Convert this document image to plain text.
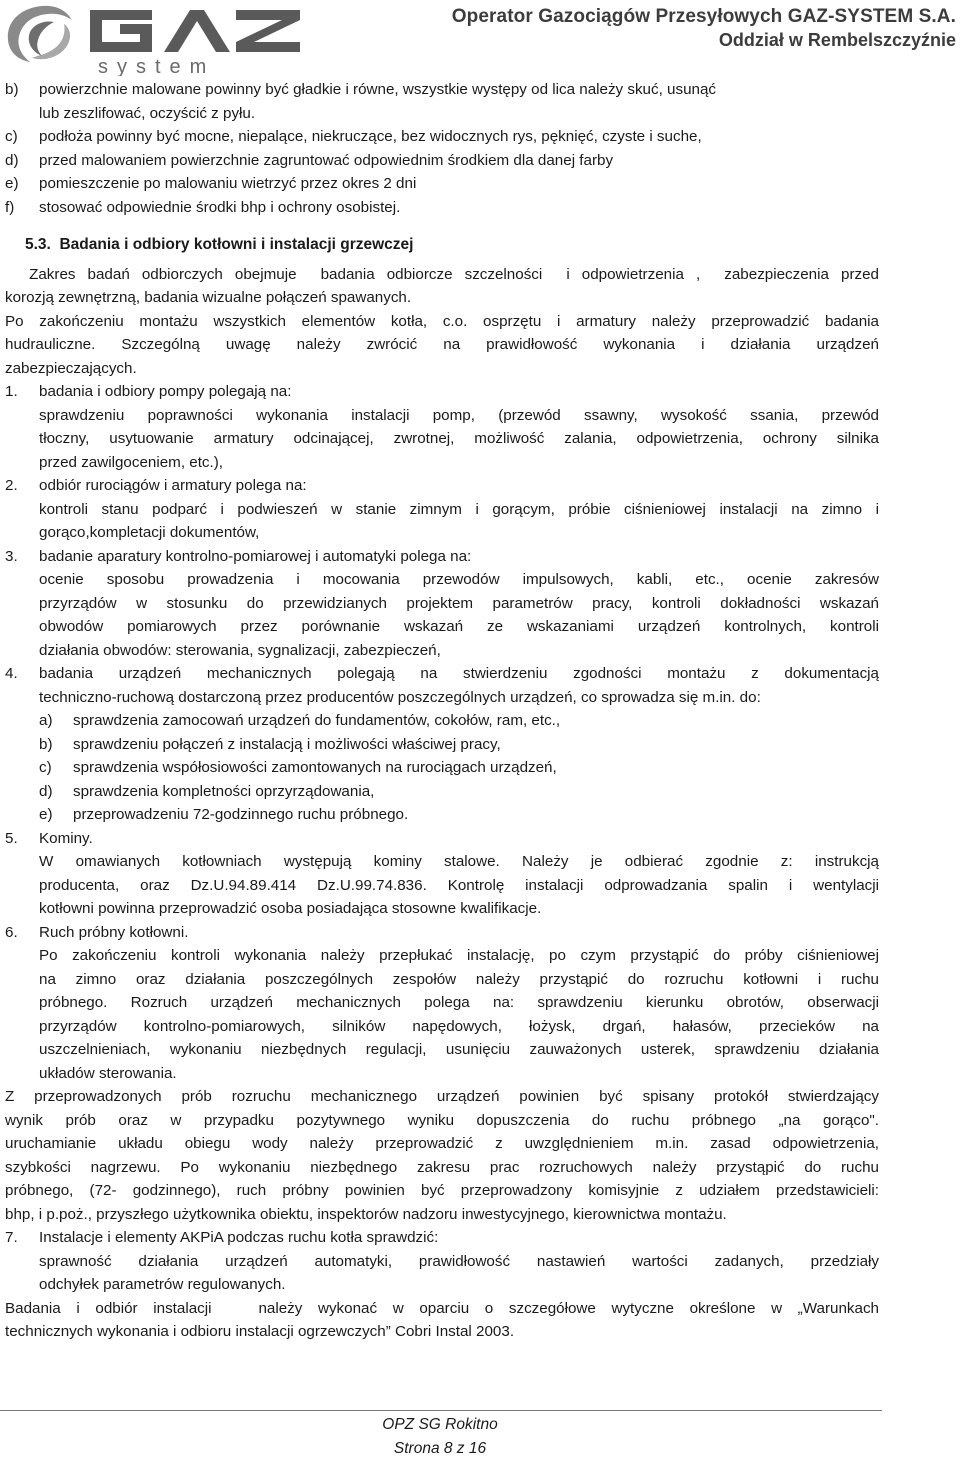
system
Operator Gazociągów Przesyłowych GAZ-SYSTEM S.A.
Oddział w Rembelszczyźnie
b) powierzchnie malowane powinny być gładkie i równe, wszystkie występy od lica należy skuć, usunąć
lub zeszlifować, oczyścić z pyłu.
c) podłoża powinny być mocne, niepalące, niekruczące, bez widocznych rys, pęknięć, czyste i suche,
d) przed malowaniem powierzchnie zagruntować odpowiednim środkiem dla danej farby
e) pomieszczenie po malowaniu wietrzyć przez okres 2 dni
f) stosować odpowiednie środki bhp i ochrony osobistej.
5.3. Badania i odbiory kotłowni i instalacji grzewczej
Zakres badań odbiorczych obejmuje  badania odbiorcze szczelności  i odpowietrzenia ,  zabezpieczenia przed
korozją zewnętrzną, badania wizualne połączeń spawanych.
Po zakończeniu montażu wszystkich elementów kotła, c.o. osprzętu i armatury należy przeprowadzić badania
hudrauliczne. Szczególną uwagę należy zwrócić na prawidłowość wykonania i działania urządzeń
zabezpieczających.
1. badania i odbiory pompy polegają na:
sprawdzeniu poprawności wykonania instalacji pomp, (przewód ssawny, wysokość ssania, przewód
tłoczny, usytuowanie armatury odcinającej, zwrotnej, możliwość zalania, odpowietrzenia, ochrony silnika
przed zawilgoceniem, etc.),
2. odbiór rurociągów i armatury polega na:
kontroli stanu podparć i podwieszeń w stanie zimnym i gorącym, próbie ciśnieniowej instalacji na zimno i
gorąco,kompletacji dokumentów,
3. badanie aparatury kontrolno-pomiarowej i automatyki polega na:
ocenie sposobu prowadzenia i mocowania przewodów impulsowych, kabli, etc., ocenie zakresów
przyrządów w stosunku do przewidzianych projektem parametrów pracy, kontroli dokładności wskazań
obwodów pomiarowych przez porównanie wskazań ze wskazaniami urządzeń kontrolnych, kontroli
działania obwodów: sterowania, sygnalizacji, zabezpieczeń,
4. badania urządzeń mechanicznych polegają na stwierdzeniu zgodności montażu z dokumentacją
techniczno-ruchową dostarczoną przez producentów poszczególnych urządzeń, co sprowadza się m.in. do:
a) sprawdzenia zamocowań urządzeń do fundamentów, cokołów, ram, etc.,
b) sprawdzeniu połączeń z instalacją i możliwości właściwej pracy,
c) sprawdzenia współosiowości zamontowanych na rurociągach urządzeń,
d) sprawdzenia kompletności oprzyrządowania,
e) przeprowadzeniu 72-godzinnego ruchu próbnego.
5. Kominy.
W omawianych kotłowniach występują kominy stalowe. Należy je odbierać zgodnie z: instrukcją
producenta, oraz Dz.U.94.89.414 Dz.U.99.74.836. Kontrolę instalacji odprowadzania spalin i wentylacji
kotłowni powinna przeprowadzić osoba posiadająca stosowne kwalifikacje.
6. Ruch próbny kotłowni.
Po zakończeniu kontroli wykonania należy przepłukać instalację, po czym przystąpić do próby ciśnieniowej
na zimno oraz działania poszczególnych zespołów należy przystąpić do rozruchu kotłowni i ruchu
próbnego. Rozruch urządzeń mechanicznych polega na: sprawdzeniu kierunku obrotów, obserwacji
przyrządów kontrolno-pomiarowych, silników napędowych, łożysk, drgań, hałasów, przecieków na
uszczelnieniach, wykonaniu niezbędnych regulacji, usunięciu zauważonych usterek, sprawdzeniu działania
układów sterowania.
Z przeprowadzonych prób rozruchu mechanicznego urządzeń powinien być spisany protokół stwierdzający
wynik prób oraz w przypadku pozytywnego wyniku dopuszczenia do ruchu próbnego „na gorąco".
uruchamianie układu obiegu wody należy przeprowadzić z uwzględnieniem m.in. zasad odpowietrzenia,
szybkości nagrzewu. Po wykonaniu niezbędnego zakresu prac rozruchowych należy przystąpić do ruchu
próbnego, (72- godzinnego), ruch próbny powinien być przeprowadzony komisyjnie z udziałem przedstawicieli:
bhp, i p.poż., przyszłego użytkownika obiektu, inspektorów nadzoru inwestycyjnego, kierownictwa montażu.
7. Instalacje i elementy AKPiA podczas ruchu kotła sprawdzić:
sprawność działania urządzeń automatyki, prawidłowość nastawień wartości zadanych, przedziały
odchyłek parametrów regulowanych.
Badania i odbiór instalacji   należy wykonać w oparciu o szczegółowe wytyczne określone w „Warunkach
technicznych wykonania i odbioru instalacji ogrzewczych” Cobri Instal 2003.
OPZ SG Rokitno
Strona 8 z 16
